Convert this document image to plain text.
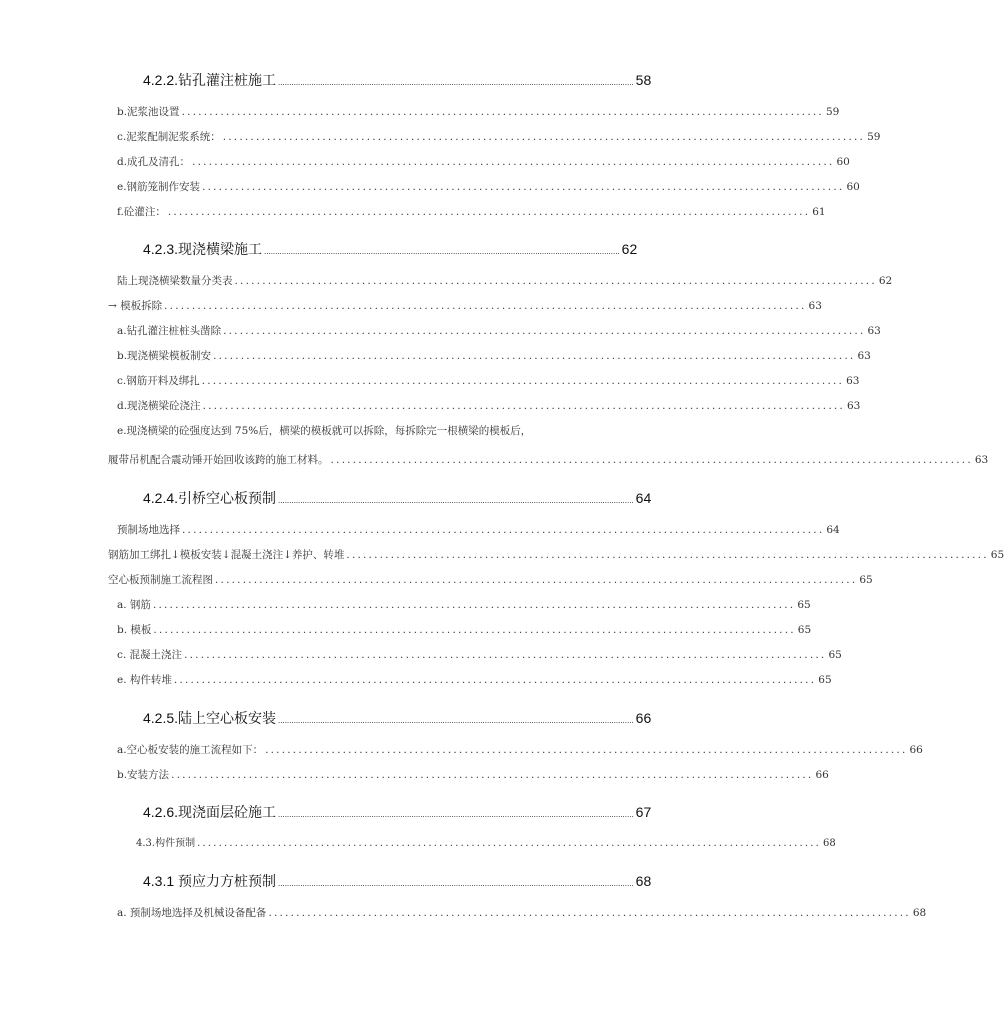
4.2.2.钻孔灌注桩施工 ................................................................................................................................................................ 58
b.泥浆池设置 .................................................................................................................... 59
c.泥浆配制泥浆系统： .................................................................................................................... 59
d.成孔及清孔： .................................................................................................................... 60
e.钢筋笼制作安装 .................................................................................................................... 60
f.砼灌注： .................................................................................................................... 61
4.2.3.现浇横梁施工 ................................................................................................................................................................ 62
陆上现浇横梁数量分类表 .................................................................................................................... 62
→ 模板拆除 .................................................................................................................... 63
a.钻孔灌注桩桩头凿除 .................................................................................................................... 63
b.现浇横梁模板制安 .................................................................................................................... 63
c.钢筋开料及绑扎 .................................................................................................................... 63
d.现浇横梁砼浇注 .................................................................................................................... 63
e.现浇横梁的砼强度达到 75%后，横梁的模板就可以拆除，每拆除完一根横梁的模板后，
履带吊机配合震动锤开始回收该跨的施工材料。 .................................................................................................................... 63
4.2.4.引桥空心板预制 ................................................................................................................................................................ 64
预制场地选择 .................................................................................................................... 64
钢筋加工绑扎↓模板安装↓混凝土浇注↓养护、转堆 .................................................................................................................... 65
空心板预制施工流程图 .................................................................................................................... 65
a. 钢筋 .................................................................................................................... 65
b. 模板 .................................................................................................................... 65
c. 混凝土浇注 .................................................................................................................... 65
e. 构件转堆 .................................................................................................................... 65
4.2.5.陆上空心板安装 ................................................................................................................................................................ 66
a.空心板安装的施工流程如下： .................................................................................................................... 66
b.安装方法 .................................................................................................................... 66
4.2.6.现浇面层砼施工 ................................................................................................................................................................ 67
4.3.构件预制 .................................................................................................................... 68
4.3.1 预应力方桩预制 ................................................................................................................................................................ 68
a. 预制场地选择及机械设备配备 .................................................................................................................... 68
